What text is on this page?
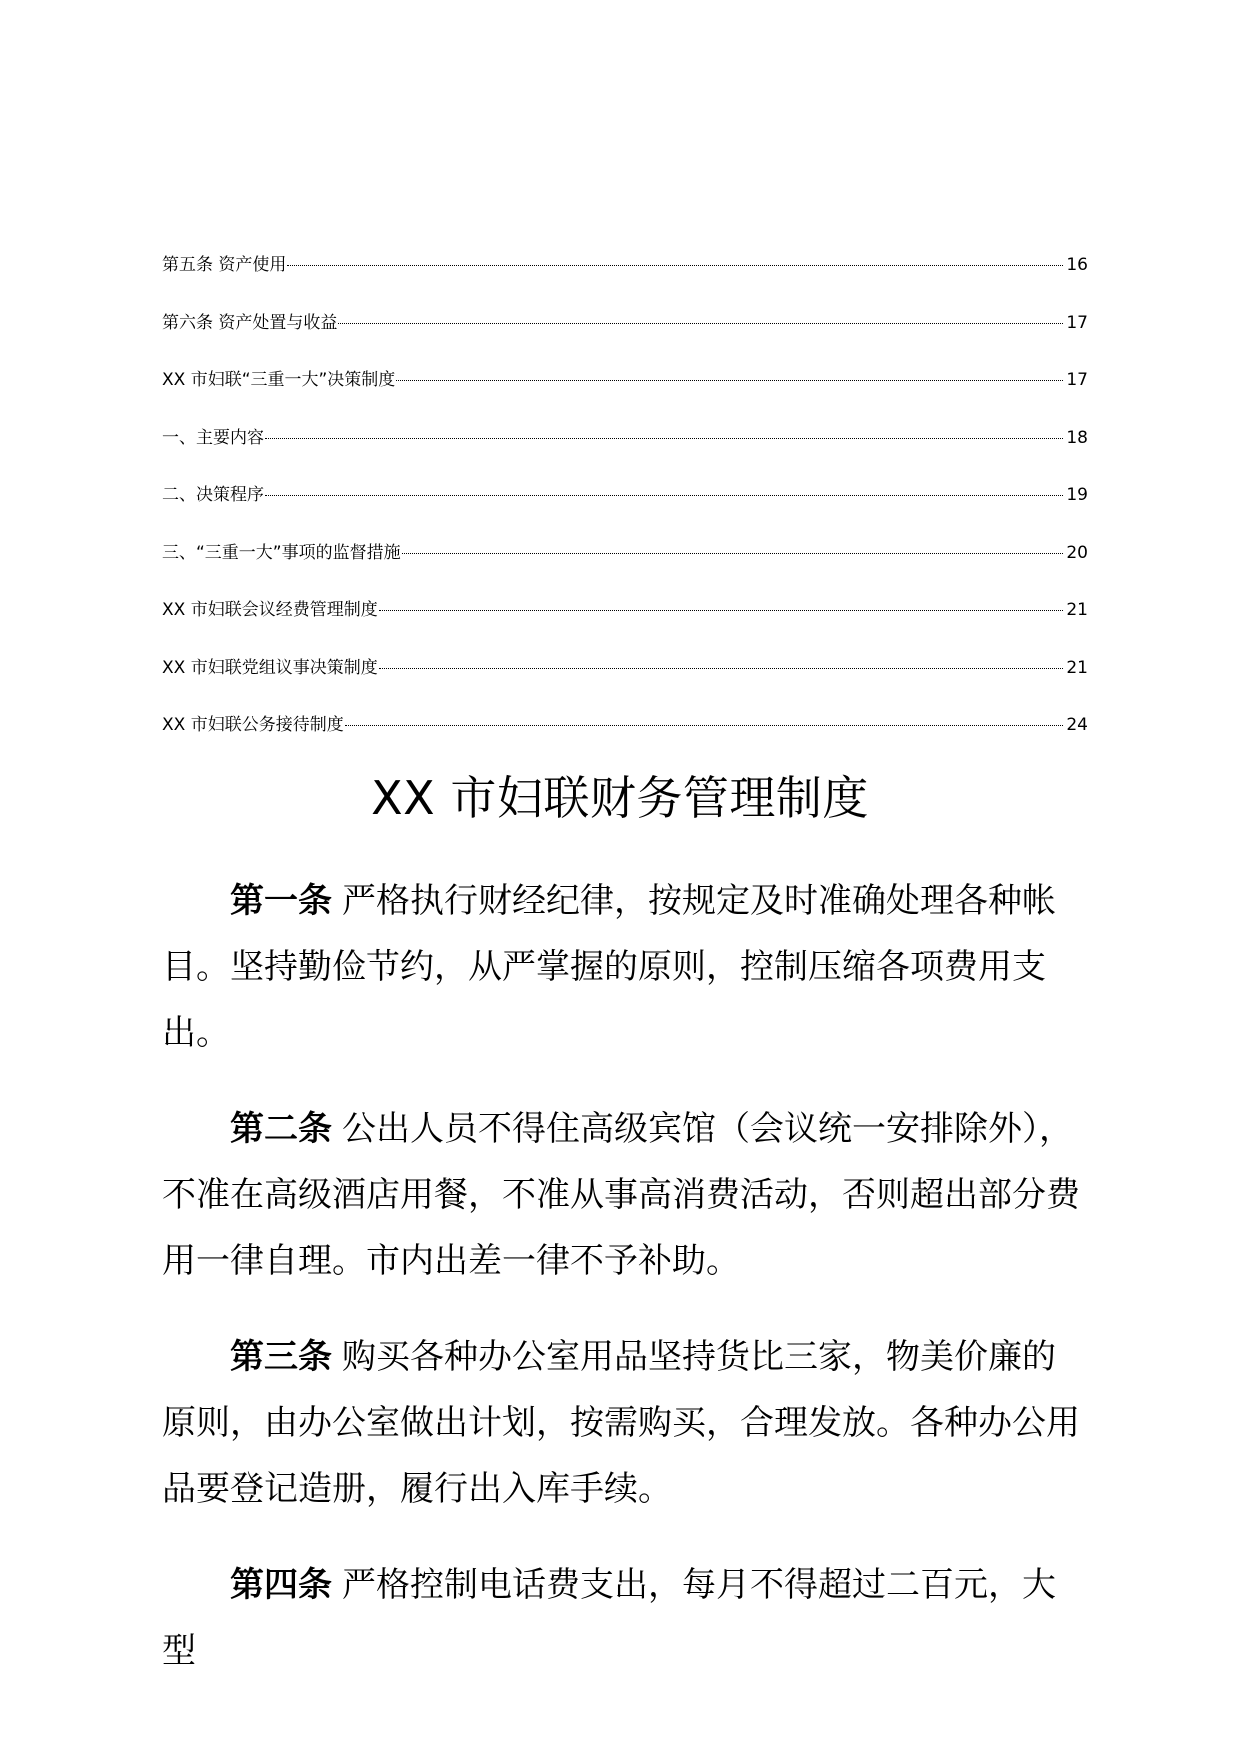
第五条 资产使用	16
第六条 资产处置与收益	17
XX 市妇联“三重一大”决策制度	17
一、主要内容	18
二、决策程序	19
三、“三重一大”事项的监督措施	20
XX 市妇联会议经费管理制度	21
XX 市妇联党组议事决策制度	21
XX 市妇联公务接待制度	24
XX 市妇联财务管理制度

第一条 严格执行财经纪律，按规定及时准确处理各种帐目。坚持勤俭节约，从严掌握的原则，控制压缩各项费用支出。

第二条 公出人员不得住高级宾馆（会议统一安排除外），不准在高级酒店用餐，不准从事高消费活动，否则超出部分费用一律自理。市内出差一律不予补助。

第三条 购买各种办公室用品坚持货比三家，物美价廉的原则，由办公室做出计划，按需购买，合理发放。各种办公用品要登记造册，履行出入库手续。

第四条 严格控制电话费支出，每月不得超过二百元，大型
